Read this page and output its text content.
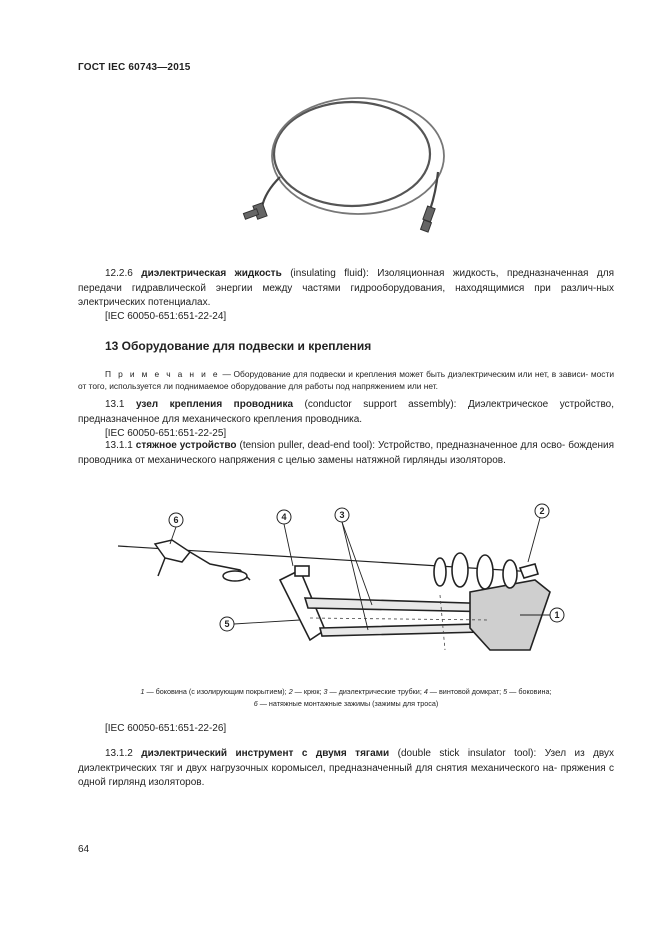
ГОСТ IEC 60743—2015
12.2.6 диэлектрическая жидкость (insulating fluid): Изоляционная жидкость, предназначенная для передачи гидравлической энергии между частями гидрооборудования, находящимися при различ-ных электрических потенциалах.
[IEC 60050-651:651-22-24]
13 Оборудование для подвески и крепления
П р и м е ч а н и е — Оборудование для подвески и крепления может быть диэлектрическим или нет, в зависи- мости от того, используется ли поднимаемое оборудование для работы под напряжением или нет.
13.1 узел крепления проводника (conductor support assembly): Диэлектрическое устройство, предназначенное для механического крепления проводника.
[IEC 60050-651:651-22-25]
13.1.1 стяжное устройство (tension puller, dead-end tool): Устройство, предназначенное для осво- бождения проводника от механического напряжения с целью замены натяжной гирлянды изоляторов.
6	4	3	2
5
1
1 — боковина (с изолирующим покрытием); 2 — крюк; 3 — диэлектрические трубки; 4 — винтовой домкрат; 5 — боковина;
6 — натяжные монтажные зажимы (зажимы для троса)
[IEC 60050-651:651-22-26]
13.1.2 диэлектрический инструмент с двумя тягами (double stick insulator tool): Узел из двух диэлектрических тяг и двух нагрузочных коромысел, предназначенный для снятия механического на- пряжения с одной гирлянд изоляторов.
64
